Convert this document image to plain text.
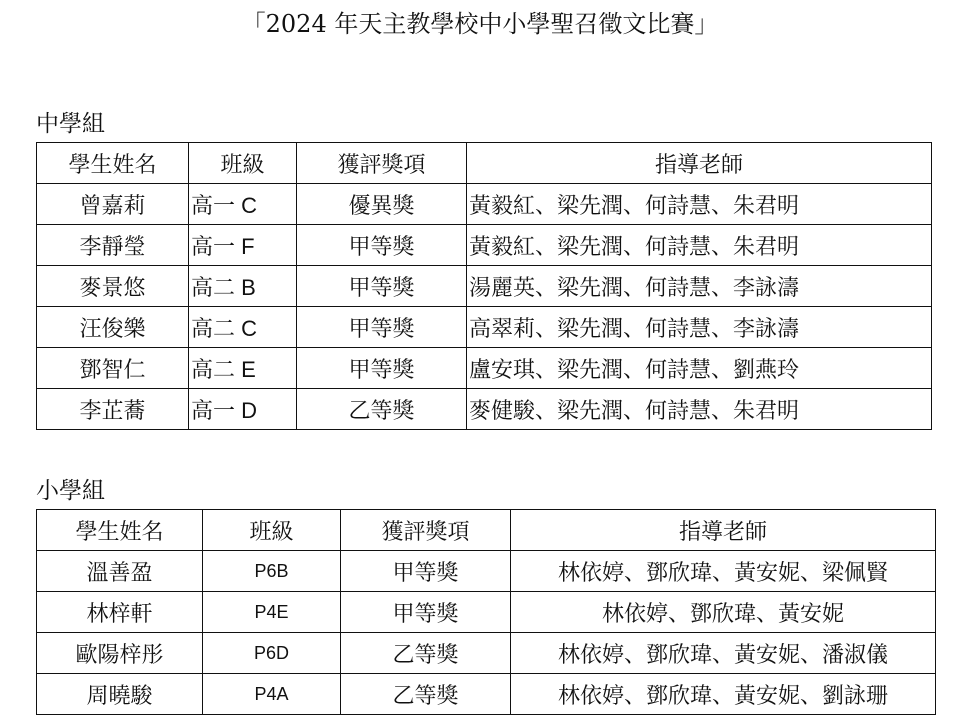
「2024 年天主教學校中小學聖召徵文比賽」
中學組
學生姓名	班級	獲評獎項	指導老師
曾嘉莉	高一 C	優異獎	黃毅紅、梁先潤、何詩慧、朱君明
李靜瑩	高一 F	甲等獎	黃毅紅、梁先潤、何詩慧、朱君明
麥景悠	高二 B	甲等獎	湯麗英、梁先潤、何詩慧、李詠濤
汪俊樂	高二 C	甲等獎	高翠莉、梁先潤、何詩慧、李詠濤
鄧智仁	高二 E	甲等獎	盧安琪、梁先潤、何詩慧、劉燕玲
李芷蕎	高一 D	乙等獎	麥健駿、梁先潤、何詩慧、朱君明
小學組
學生姓名	班級	獲評獎項	指導老師
溫善盈	P6B	甲等獎	林依婷、鄧欣瑋、黃安妮、梁佩賢
林梓軒	P4E	甲等獎	林依婷、鄧欣瑋、黃安妮
歐陽梓彤	P6D	乙等獎	林依婷、鄧欣瑋、黃安妮、潘淑儀
周曉駿	P4A	乙等獎	林依婷、鄧欣瑋、黃安妮、劉詠珊
